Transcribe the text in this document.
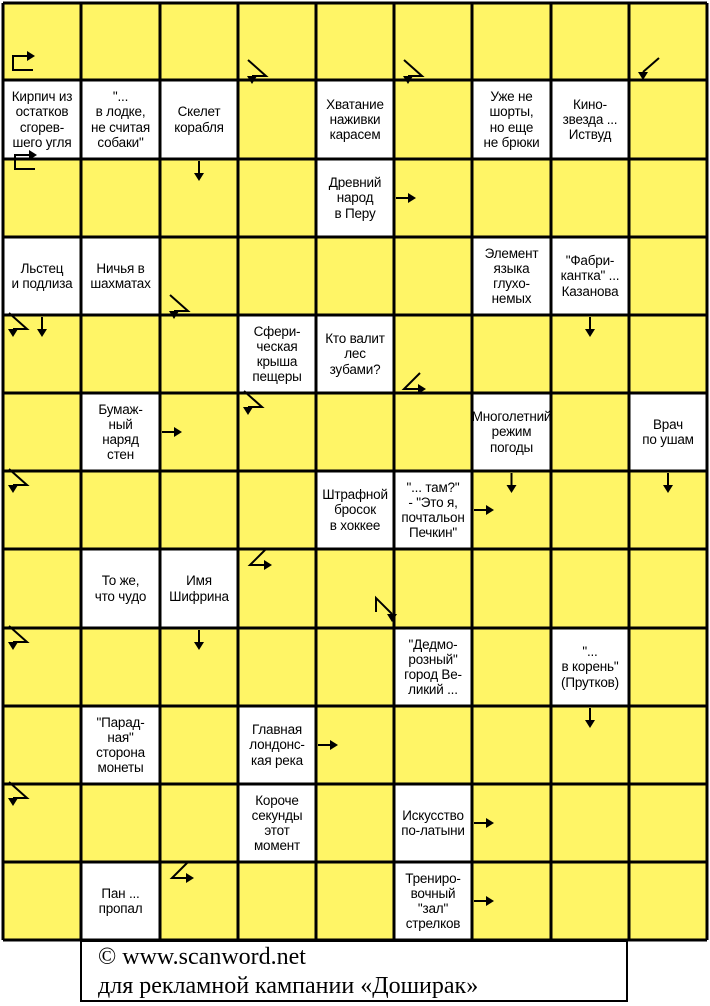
Кирпич из
остатков
сгорев-
шего угля
"...
в лодке,
не считая
собаки"
Скелет
корабля
Хватание
наживки
карасем
Уже не
шорты,
но еще
не брюки
Кино-
звезда ...
Иствуд
Древний
народ
в Перу
Льстец
и подлиза
Ничья в
шахматах
Элемент
языка
глухо-
немых
"Фабри-
кантка" ...
Казанова
Сфери-
ческая
крыша
пещеры
Кто валит
лес
зубами?
Бумаж-
ный
наряд
стен
Многолетний
режим
погоды
Врач
по ушам
Штрафной
бросок
в хоккее
"... там?"
- "Это я,
почтальон
Печкин"
То же,
что чудо
Имя
Шифрина
"Дедмо-
розный"
город Ве-
ликий ...
"...
в корень"
(Прутков)
"Парад-
ная"
сторона
монеты
Главная
лондонс-
кая река
Короче
секунды
этот
момент
Искусство
по-латыни
Пан ...
пропал
Трениро-
вочный
"зал"
стрелков
© www.scanword.net
для рекламной кампании «Доширак»
